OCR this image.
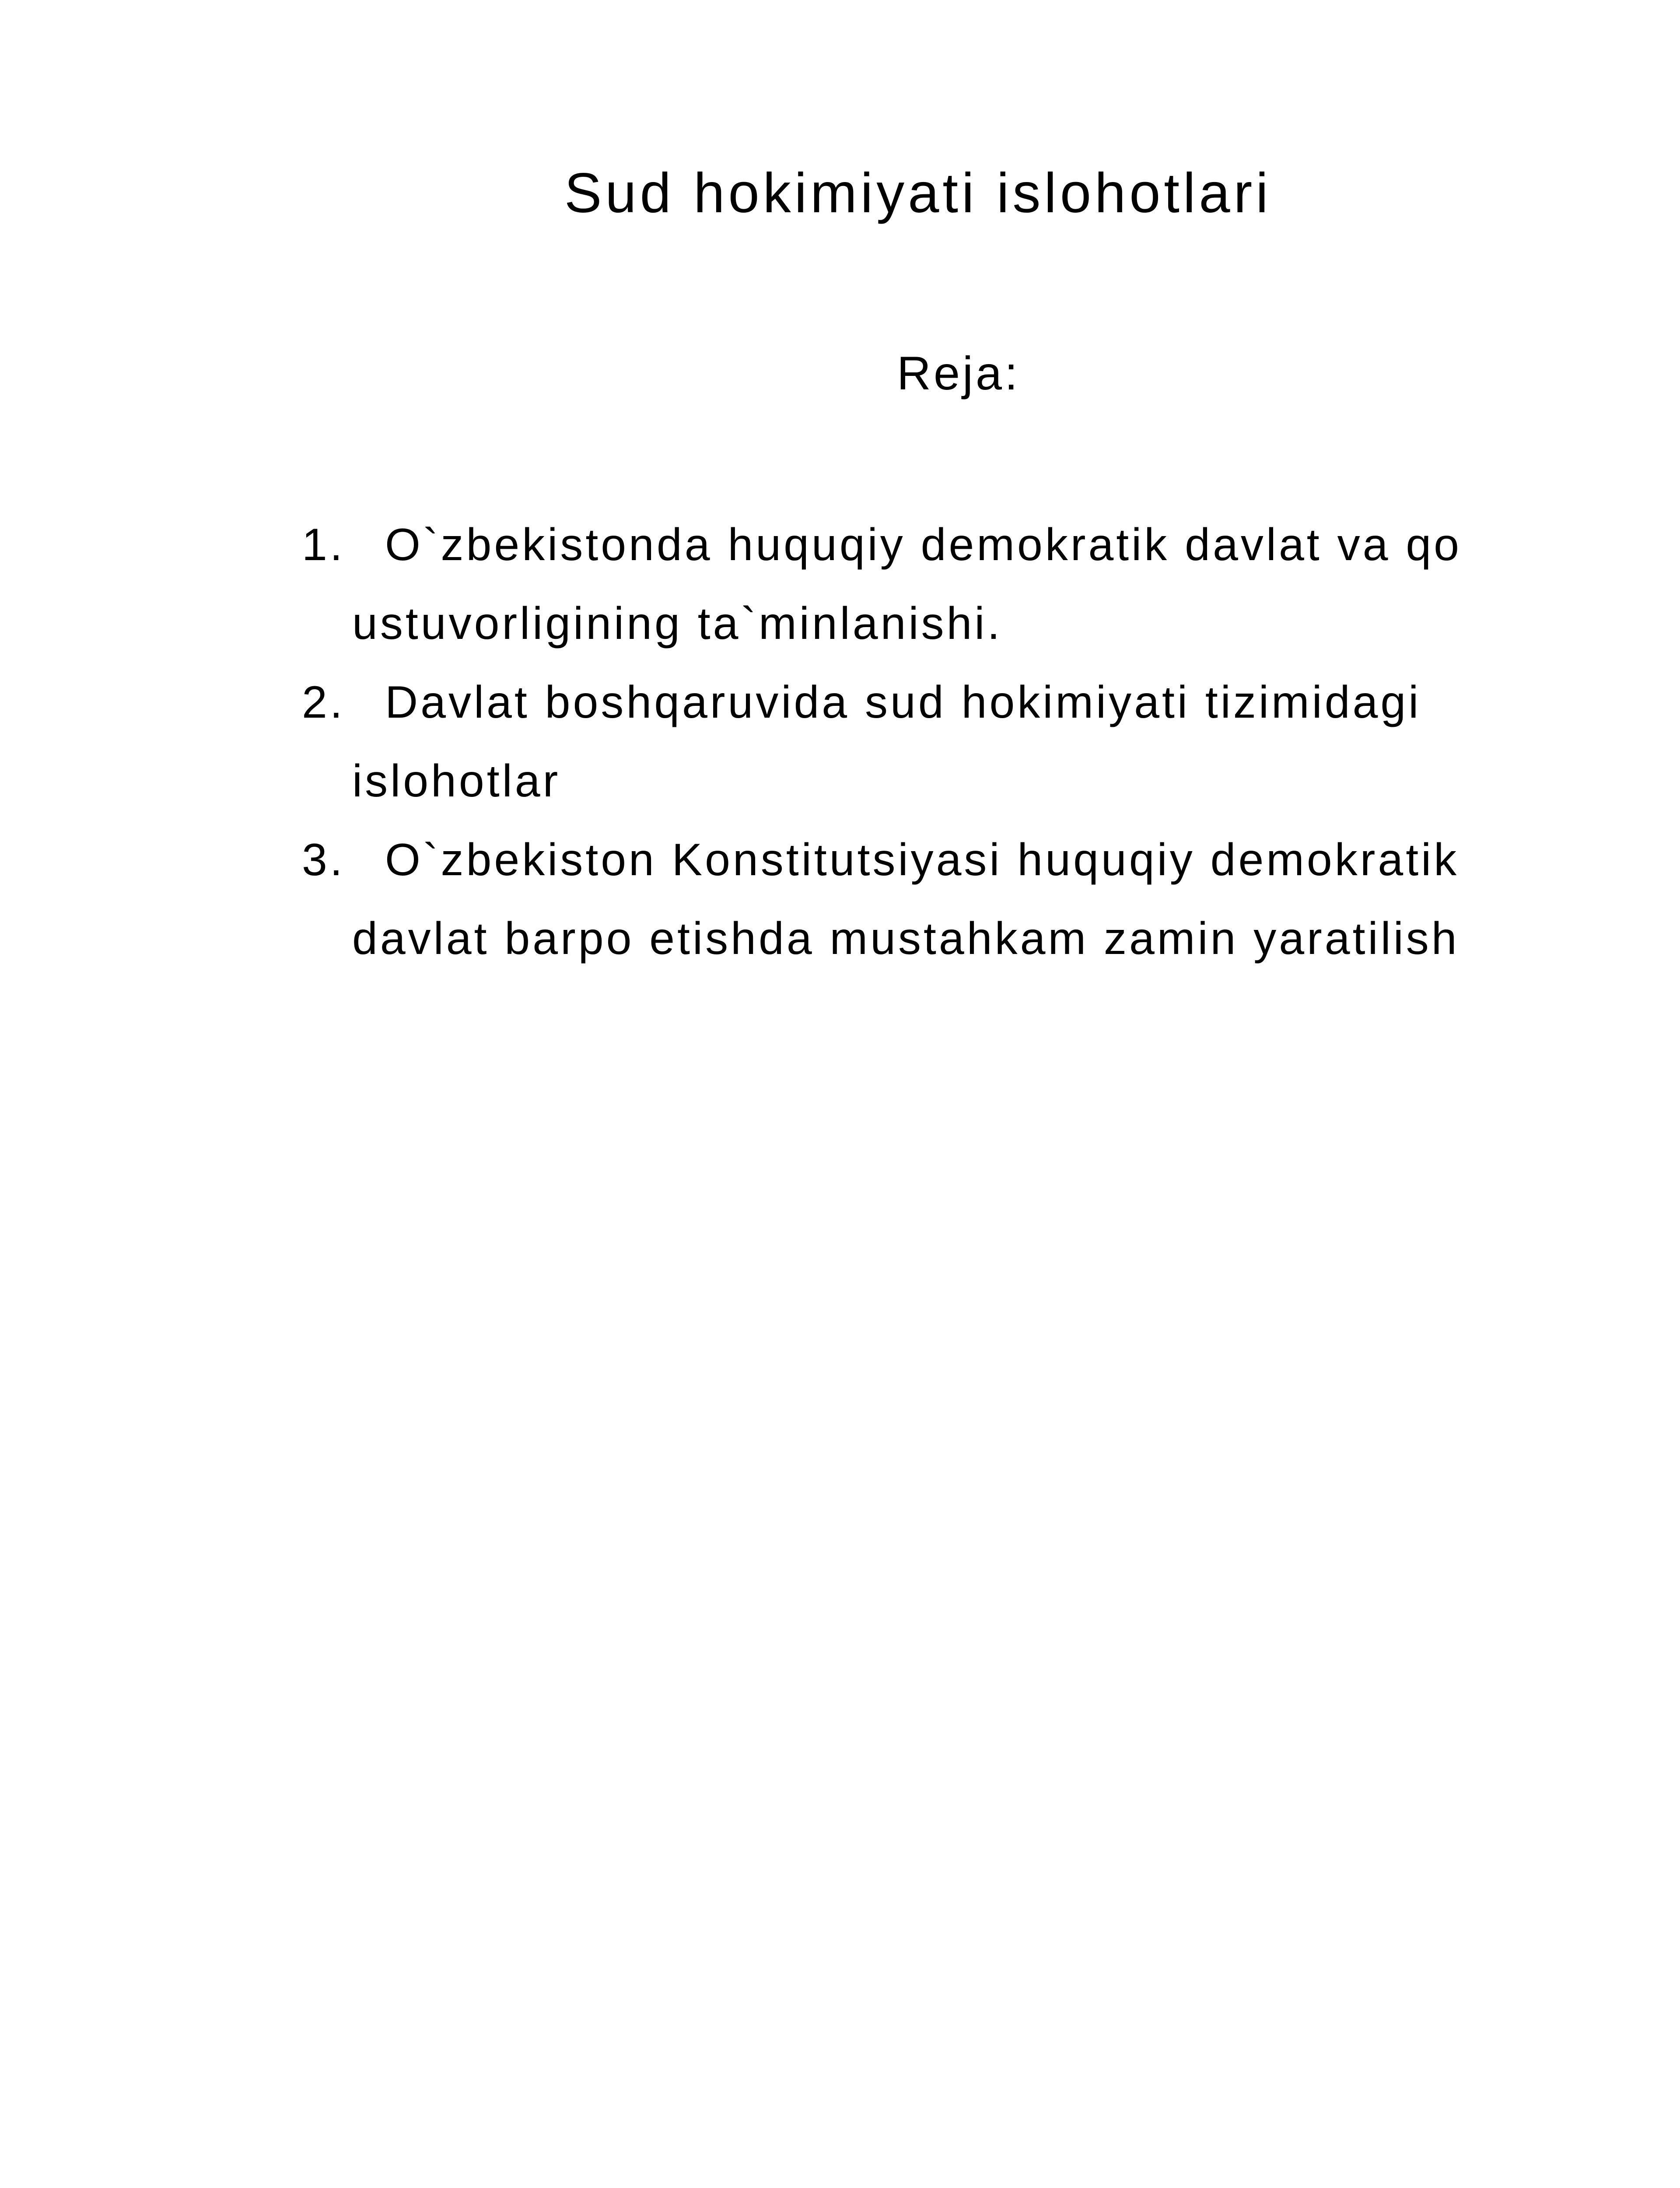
Sud hokimiyati islohotlari
Reja:
1. O`zbekistonda huquqiy demokratik davlat va qo
ustuvorligining ta`minlanishi.
2. Davlat boshqaruvida sud hokimiyati tizimidagi
islohotlar
3. O`zbekiston Konstitutsiyasi huquqiy demokratik
davlat barpo etishda mustahkam zamin yaratilish
